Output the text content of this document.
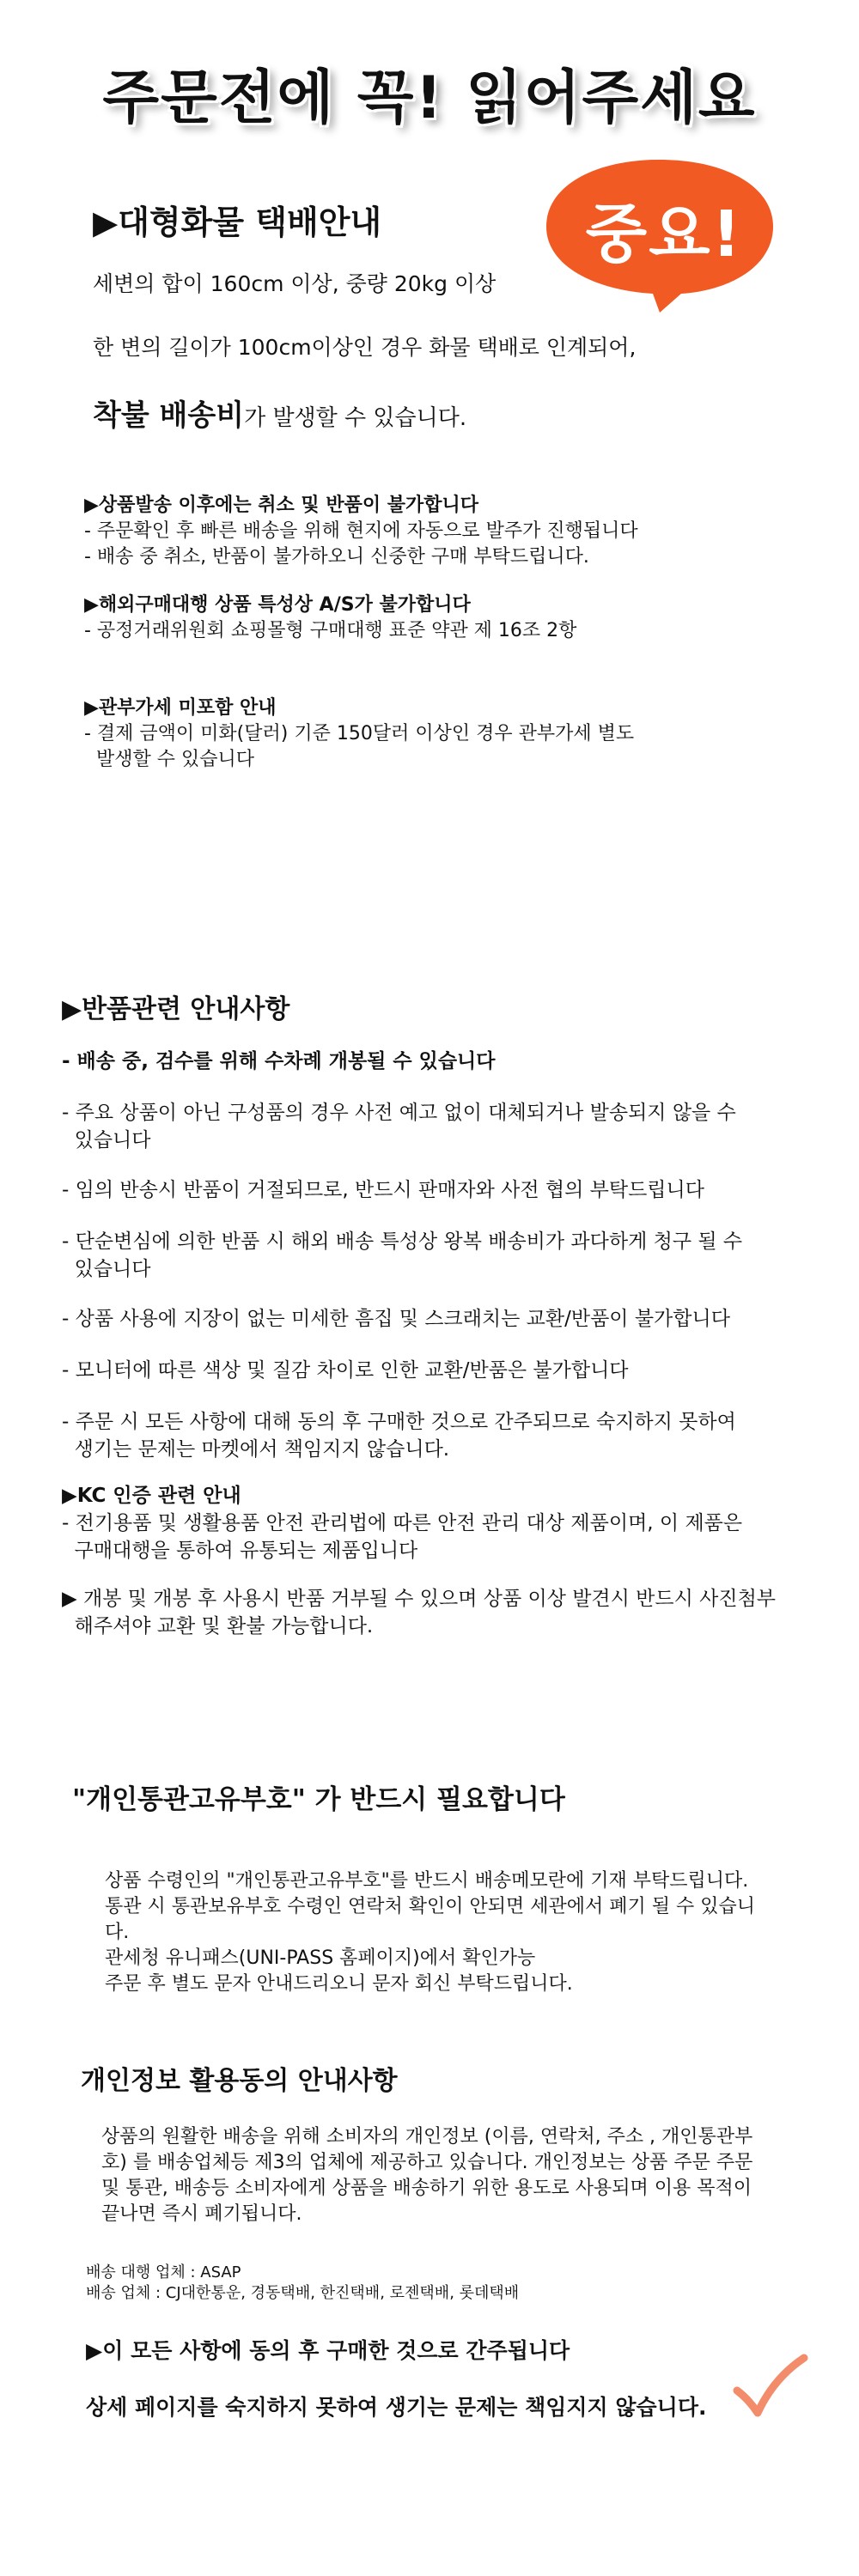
주문전에 꼭! 읽어주세요
중요!
▶대형화물 택배안내
세변의 합이 160cm 이상, 중량 20kg 이상
한 변의 길이가 100cm이상인 경우 화물 택배로 인계되어,
착불 배송비가 발생할 수 있습니다.
▶상품발송 이후에는 취소 및 반품이 불가합니다
- 주문확인 후 빠른 배송을 위해 현지에 자동으로 발주가 진행됩니다
- 배송 중 취소, 반품이 불가하오니 신중한 구매 부탁드립니다.
▶해외구매대행 상품 특성상 A/S가 불가합니다
- 공정거래위원회 쇼핑몰형 구매대행 표준 약관 제 16조 2항
▶관부가세 미포함 안내
- 결제 금액이 미화(달러) 기준 150달러 이상인 경우 관부가세 별도
발생할 수 있습니다
▶반품관련 안내사항
- 배송 중, 검수를 위해 수차례 개봉될 수 있습니다
- 주요 상품이 아닌 구성품의 경우 사전 예고 없이 대체되거나 발송되지 않을 수
있습니다
- 임의 반송시 반품이 거절되므로, 반드시 판매자와 사전 협의 부탁드립니다
- 단순변심에 의한 반품 시 해외 배송 특성상 왕복 배송비가 과다하게 청구 될 수
있습니다
- 상품 사용에 지장이 없는 미세한 흠집 및 스크래치는 교환/반품이 불가합니다
- 모니터에 따른 색상 및 질감 차이로 인한 교환/반품은 불가합니다
- 주문 시 모든 사항에 대해 동의 후 구매한 것으로 간주되므로 숙지하지 못하여
생기는 문제는 마켓에서 책임지지 않습니다.
▶KC 인증 관련 안내
- 전기용품 및 생활용품 안전 관리법에 따른 안전 관리 대상 제품이며, 이 제품은
구매대행을 통하여 유통되는 제품입니다
▶ 개봉 및 개봉 후 사용시 반품 거부될 수 있으며 상품 이상 발견시 반드시 사진첨부
해주셔야 교환 및 환불 가능합니다.
"개인통관고유부호" 가 반드시 필요합니다
상품 수령인의 "개인통관고유부호"를 반드시 배송메모란에 기재 부탁드립니다.
통관 시 통관보유부호 수령인 연락처 확인이 안되면 세관에서 폐기 될 수 있습니
다.
관세청 유니패스(UNI-PASS 홈페이지)에서 확인가능
주문 후 별도 문자 안내드리오니 문자 회신 부탁드립니다.
개인정보 활용동의 안내사항
상품의 원활한 배송을 위해 소비자의 개인정보 (이름, 연락처, 주소 , 개인통관부
호) 를 배송업체등 제3의 업체에 제공하고 있습니다. 개인정보는 상품 주문 주문
및 통관, 배송등 소비자에게 상품을 배송하기 위한 용도로 사용되며 이용 목적이
끝나면 즉시 폐기됩니다.
배송 대행 업체 : ASAP
배송 업체 : CJ대한통운, 경동택배, 한진택배, 로젠택배, 롯데택배
▶이 모든 사항에 동의 후 구매한 것으로 간주됩니다
상세 페이지를 숙지하지 못하여 생기는 문제는 책임지지 않습니다.
